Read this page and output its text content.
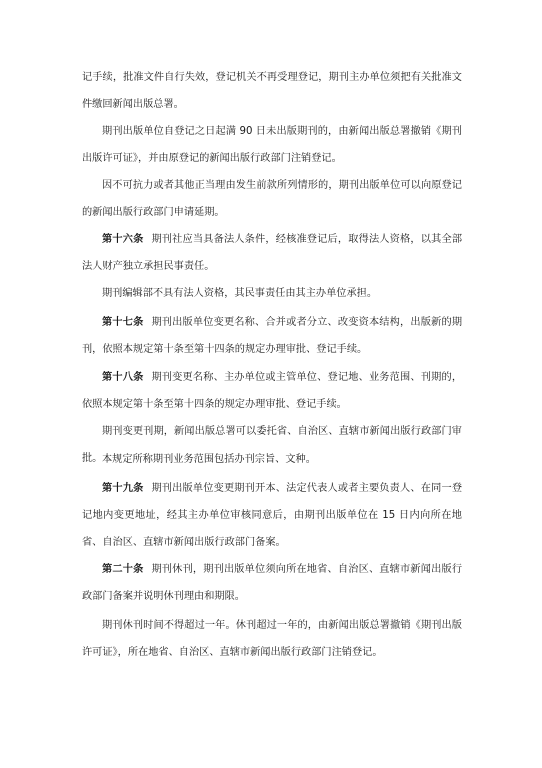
记手续，批准文件自行失效，登记机关不再受理登记，期刊主办单位须把有关批准文件缴回新闻出版总署。

期刊出版单位自登记之日起满 90 日未出版期刊的，由新闻出版总署撤销《期刊出版许可证》，并由原登记的新闻出版行政部门注销登记。

因不可抗力或者其他正当理由发生前款所列情形的，期刊出版单位可以向原登记的新闻出版行政部门申请延期。

第十六条 期刊社应当具备法人条件，经核准登记后，取得法人资格，以其全部法人财产独立承担民事责任。

期刊编辑部不具有法人资格，其民事责任由其主办单位承担。

第十七条 期刊出版单位变更名称、合并或者分立、改变资本结构，出版新的期刊，依照本规定第十条至第十四条的规定办理审批、登记手续。

第十八条 期刊变更名称、主办单位或主管单位、登记地、业务范围、刊期的，依照本规定第十条至第十四条的规定办理审批、登记手续。

期刊变更刊期，新闻出版总署可以委托省、自治区、直辖市新闻出版行政部门审批。 本规定所称期刊业务范围包括办刊宗旨、文种。

第十九条 期刊出版单位变更期刊开本、法定代表人或者主要负责人、在同一登记地内变更地址，经其主办单位审核同意后，由期刊出版单位在 15 日内向所在地省、自治区、直辖市新闻出版行政部门备案。

第二十条 期刊休刊，期刊出版单位须向所在地省、自治区、直辖市新闻出版行政部门备案并说明休刊理由和期限。

期刊休刊时间不得超过一年。休刊超过一年的，由新闻出版总署撤销《期刊出版许可证》，所在地省、自治区、直辖市新闻出版行政部门注销登记。
